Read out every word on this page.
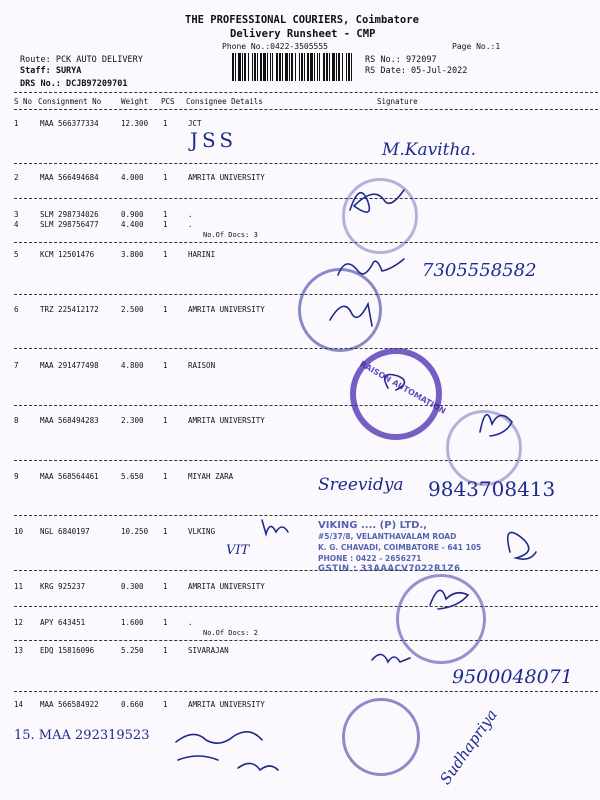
THE PROFESSIONAL COURIERS, Coimbatore
Delivery Runsheet - CMP
Phone No.:0422-3505555	Page No.:1
Route: PCK AUTO DELIVERY
Staff: SURYA
DRS No.: DCJB97209701
RS No.: 972097
RS Date: 05-Jul-2022
S No Consignment No	Weight PCS Consignee Details	Signature
1	MAA 566377334	12.300 1	JCT
2	MAA 566494684	4.000	1	AMRITA UNIVERSITY
3	SLM 298734026	0.900	1	.
4	SLM 298756477	4.400	1	.
No.Of Docs: 3
5	KCM 12501476	3.800	1	HARINI
6	TRZ 225412172	2.500	1	AMRITA UNIVERSITY
7	MAA 291477498	4.800	1	RAISON
8	MAA 568494283	2.300	1	AMRITA UNIVERSITY
9	MAA 568564461	5.650	1	MIYAH ZARA
10 NGL 6840197	10.250 1	VLKING
11 KRG 925237	0.300	1	AMRITA UNIVERSITY
12 APY 643451	1.600	1	.
No.Of Docs: 2
13 EDQ 15816096	5.250	1	SIVARAJAN
14 MAA 566584922	0.660	1	AMRITA UNIVERSITY
JSS	M.Kavitha.
7305558582
Sreevidya 9843708413
VIT
9500048071
15. MAA 292319523	Sudhapriya
RAISON AUTOMATION
VIKING .... (P) LTD.,
#5/37/8, VELANTHAVALAM ROAD
K. G. CHAVADI, COIMBATORE - 641 105
PHONE : 0422 - 2656271
GSTIN : 33AAACV7022R1Z6
